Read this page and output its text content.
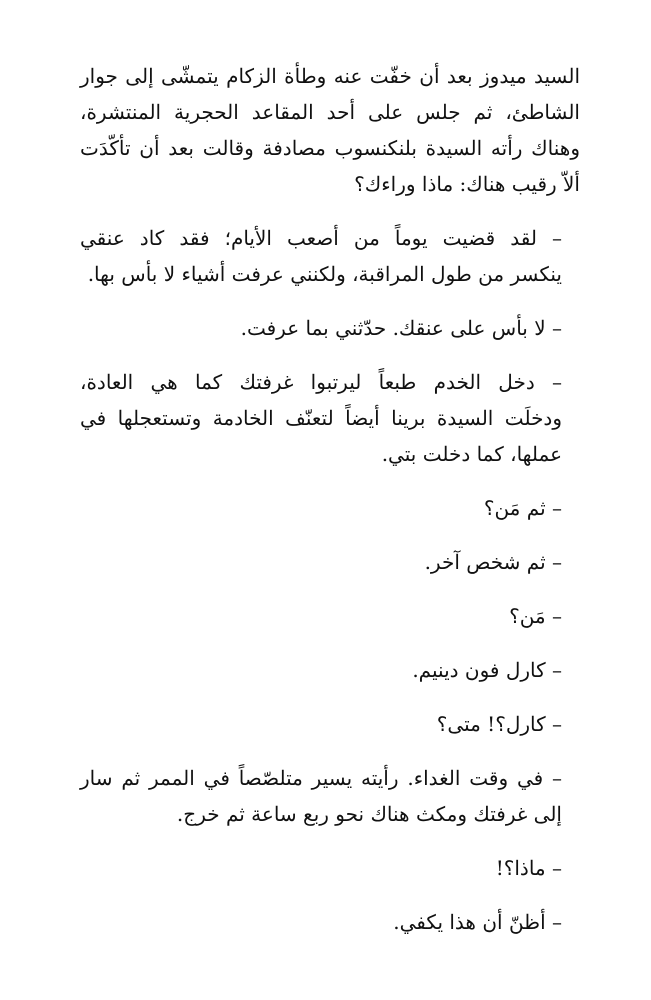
السيد ميدوز بعد أن خفّت عنه وطأة الزكام يتمشّى إلى جوار
الشاطئ، ثم جلس على أحد المقاعد الحجرية المنتشرة،
وهناك رأته السيدة بلنكنسوب مصادفة وقالت بعد أن تأكّدَت
ألاّ رقيب هناك: ماذا وراءك؟

– لقد قضيت يوماً من أصعب الأيام؛ فقد كاد عنقي
ينكسر من طول المراقبة، ولكنني عرفت أشياء لا بأس بها.

– لا بأس على عنقك. حدّثني بما عرفت.

– دخل الخدم طبعاً ليرتبوا غرفتك كما هي العادة،
ودخلَت السيدة برينا أيضاً لتعنّف الخادمة وتستعجلها في
عملها، كما دخلت بتي.

– ثم مَن؟

– ثم شخص آخر.

– مَن؟

– كارل فون دينيم.

– كارل؟! متى؟

– في وقت الغداء. رأيته يسير متلصّصاً في الممر ثم سار
إلى غرفتك ومكث هناك نحو ربع ساعة ثم خرج.

– ماذا؟!

– أظنّ أن هذا يكفي.
